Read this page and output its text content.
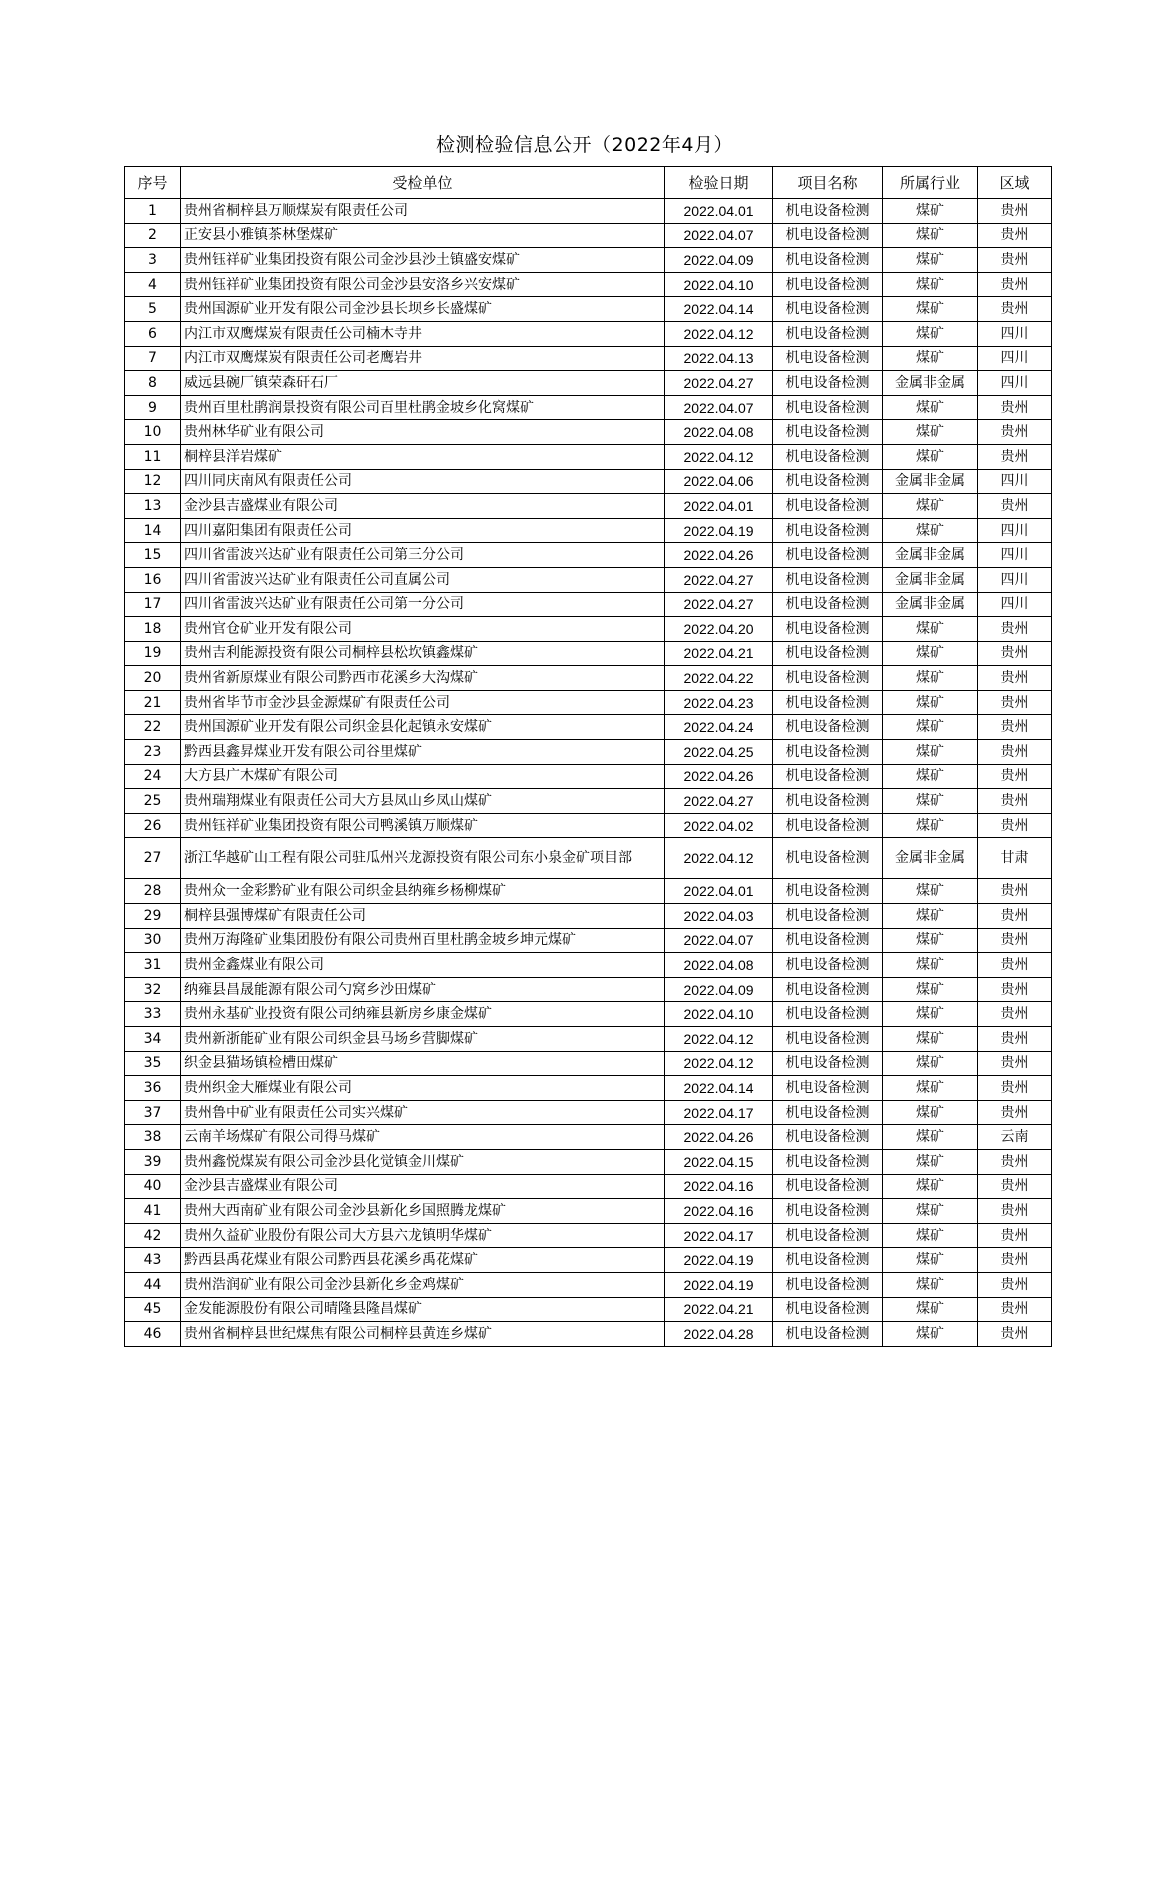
检测检验信息公开（2022年4月）
序号	受检单位	检验日期	项目名称	所属行业	区域
1	贵州省桐梓县万顺煤炭有限责任公司	2022.04.01	机电设备检测	煤矿	贵州
2	正安县小雅镇茶林堡煤矿	2022.04.07	机电设备检测	煤矿	贵州
3	贵州钰祥矿业集团投资有限公司金沙县沙土镇盛安煤矿	2022.04.09	机电设备检测	煤矿	贵州
4	贵州钰祥矿业集团投资有限公司金沙县安洛乡兴安煤矿	2022.04.10	机电设备检测	煤矿	贵州
5	贵州国源矿业开发有限公司金沙县长坝乡长盛煤矿	2022.04.14	机电设备检测	煤矿	贵州
6	内江市双鹰煤炭有限责任公司楠木寺井	2022.04.12	机电设备检测	煤矿	四川
7	内江市双鹰煤炭有限责任公司老鹰岩井	2022.04.13	机电设备检测	煤矿	四川
8	威远县碗厂镇荣森矸石厂	2022.04.27	机电设备检测	金属非金属	四川
9	贵州百里杜鹃润景投资有限公司百里杜鹃金坡乡化窝煤矿	2022.04.07	机电设备检测	煤矿	贵州
10	贵州林华矿业有限公司	2022.04.08	机电设备检测	煤矿	贵州
11	桐梓县洋岩煤矿	2022.04.12	机电设备检测	煤矿	贵州
12	四川同庆南风有限责任公司	2022.04.06	机电设备检测	金属非金属	四川
13	金沙县吉盛煤业有限公司	2022.04.01	机电设备检测	煤矿	贵州
14	四川嘉阳集团有限责任公司	2022.04.19	机电设备检测	煤矿	四川
15	四川省雷波兴达矿业有限责任公司第三分公司	2022.04.26	机电设备检测	金属非金属	四川
16	四川省雷波兴达矿业有限责任公司直属公司	2022.04.27	机电设备检测	金属非金属	四川
17	四川省雷波兴达矿业有限责任公司第一分公司	2022.04.27	机电设备检测	金属非金属	四川
18	贵州官仓矿业开发有限公司	2022.04.20	机电设备检测	煤矿	贵州
19	贵州吉利能源投资有限公司桐梓县松坎镇鑫煤矿	2022.04.21	机电设备检测	煤矿	贵州
20	贵州省新原煤业有限公司黔西市花溪乡大沟煤矿	2022.04.22	机电设备检测	煤矿	贵州
21	贵州省毕节市金沙县金源煤矿有限责任公司	2022.04.23	机电设备检测	煤矿	贵州
22	贵州国源矿业开发有限公司织金县化起镇永安煤矿	2022.04.24	机电设备检测	煤矿	贵州
23	黔西县鑫昇煤业开发有限公司谷里煤矿	2022.04.25	机电设备检测	煤矿	贵州
24	大方县广木煤矿有限公司	2022.04.26	机电设备检测	煤矿	贵州
25	贵州瑞翔煤业有限责任公司大方县凤山乡凤山煤矿	2022.04.27	机电设备检测	煤矿	贵州
26	贵州钰祥矿业集团投资有限公司鸭溪镇万顺煤矿	2022.04.02	机电设备检测	煤矿	贵州
27	浙江华越矿山工程有限公司驻瓜州兴龙源投资有限公司东小泉金矿项目部	2022.04.12	机电设备检测	金属非金属	甘肃
28	贵州众一金彩黔矿业有限公司织金县纳雍乡杨柳煤矿	2022.04.01	机电设备检测	煤矿	贵州
29	桐梓县强博煤矿有限责任公司	2022.04.03	机电设备检测	煤矿	贵州
30	贵州万海隆矿业集团股份有限公司贵州百里杜鹃金坡乡坤元煤矿	2022.04.07	机电设备检测	煤矿	贵州
31	贵州金鑫煤业有限公司	2022.04.08	机电设备检测	煤矿	贵州
32	纳雍县昌晟能源有限公司勺窝乡沙田煤矿	2022.04.09	机电设备检测	煤矿	贵州
33	贵州永基矿业投资有限公司纳雍县新房乡康金煤矿	2022.04.10	机电设备检测	煤矿	贵州
34	贵州新浙能矿业有限公司织金县马场乡营脚煤矿	2022.04.12	机电设备检测	煤矿	贵州
35	织金县猫场镇检槽田煤矿	2022.04.12	机电设备检测	煤矿	贵州
36	贵州织金大雁煤业有限公司	2022.04.14	机电设备检测	煤矿	贵州
37	贵州鲁中矿业有限责任公司实兴煤矿	2022.04.17	机电设备检测	煤矿	贵州
38	云南羊场煤矿有限公司得马煤矿	2022.04.26	机电设备检测	煤矿	云南
39	贵州鑫悦煤炭有限公司金沙县化觉镇金川煤矿	2022.04.15	机电设备检测	煤矿	贵州
40	金沙县吉盛煤业有限公司	2022.04.16	机电设备检测	煤矿	贵州
41	贵州大西南矿业有限公司金沙县新化乡国照腾龙煤矿	2022.04.16	机电设备检测	煤矿	贵州
42	贵州久益矿业股份有限公司大方县六龙镇明华煤矿	2022.04.17	机电设备检测	煤矿	贵州
43	黔西县禹花煤业有限公司黔西县花溪乡禹花煤矿	2022.04.19	机电设备检测	煤矿	贵州
44	贵州浩润矿业有限公司金沙县新化乡金鸡煤矿	2022.04.19	机电设备检测	煤矿	贵州
45	金发能源股份有限公司晴隆县隆昌煤矿	2022.04.21	机电设备检测	煤矿	贵州
46	贵州省桐梓县世纪煤焦有限公司桐梓县黄连乡煤矿	2022.04.28	机电设备检测	煤矿	贵州
